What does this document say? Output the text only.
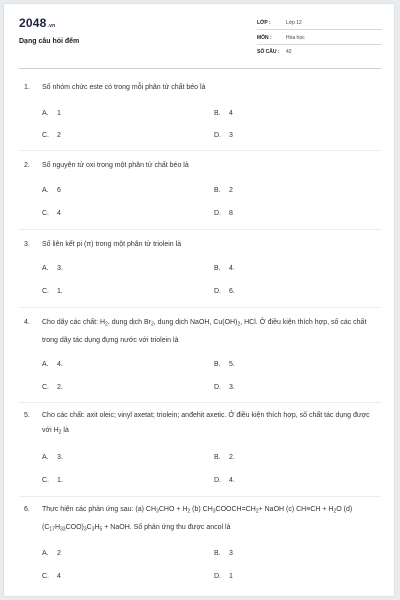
2048.vn
Dạng câu hỏi đếm
LỚP :	Lớp 12
MÔN :	Hóa học
SỐ CÂU : 42
1. Số nhóm chức este có trong mỗi phân tử chất béo là
A. 1	B. 4
C. 2	D. 3
2. Số nguyên tử oxi trong một phân tử chất béo là
A. 6	B. 2
C. 4	D. 8
3. Số liên kết pi (π) trong một phân tử triolein là
A. 3.	B. 4.
C. 1.	D. 6.
4. Cho dãy các chất: $H_2$, dung dịch $Br_2$, dung dịch NaOH, $Cu(OH)_2$, HCl. Ở điều kiện thích hợp, số các chất trong dãy tác dụng đựng nước với triolein là
A. 4.	B. 5.
C. 2.	D. 3.
5. Cho các chất: axit oleic; vinyl axetat; triolein; anđehit axetic. Ở điều kiện thích hợp, số chất tác dụng được với $H_2$ là
A. 3.	B. 2.
C. 1.	D. 4.
6. Thực hiện các phản ứng sau: (a) $CH_3CHO + H_2$ (b) $CH_3COOCH=CH_2+$ NaOH (c) $CH\equiv CH + H_2O$ (d) $(C_{17}H_{33}COO)_3C_3H_5$ + NaOH. Số phản ứng thu được ancol là
A. 2	B. 3
C. 4	D. 1
